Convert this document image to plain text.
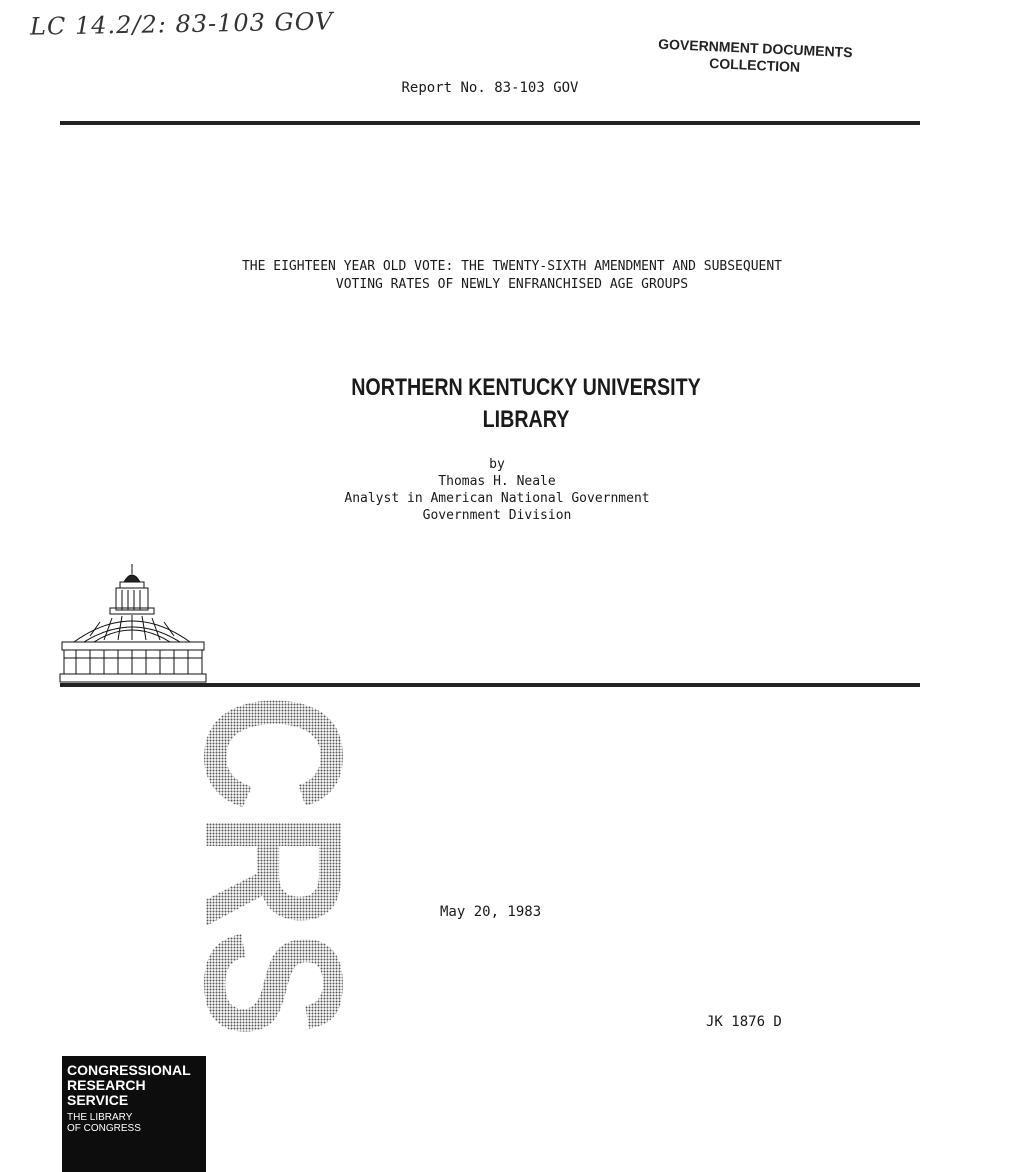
LC 14.2/2: 83-103 GOV
GOVERNMENT DOCUMENTS
COLLECTION
Report No. 83-103 GOV
THE EIGHTEEN YEAR OLD VOTE: THE TWENTY-SIXTH AMENDMENT AND SUBSEQUENT
VOTING RATES OF NEWLY ENFRANCHISED AGE GROUPS
NORTHERN KENTUCKY UNIVERSITY
LIBRARY
by
Thomas H. Neale
Analyst in American National Government
Government Division
CRS	May 20, 1983
JK 1876 D
CONGRESSIONAL
RESEARCH
SERVICE
THE LIBRARY
OF CONGRESS
